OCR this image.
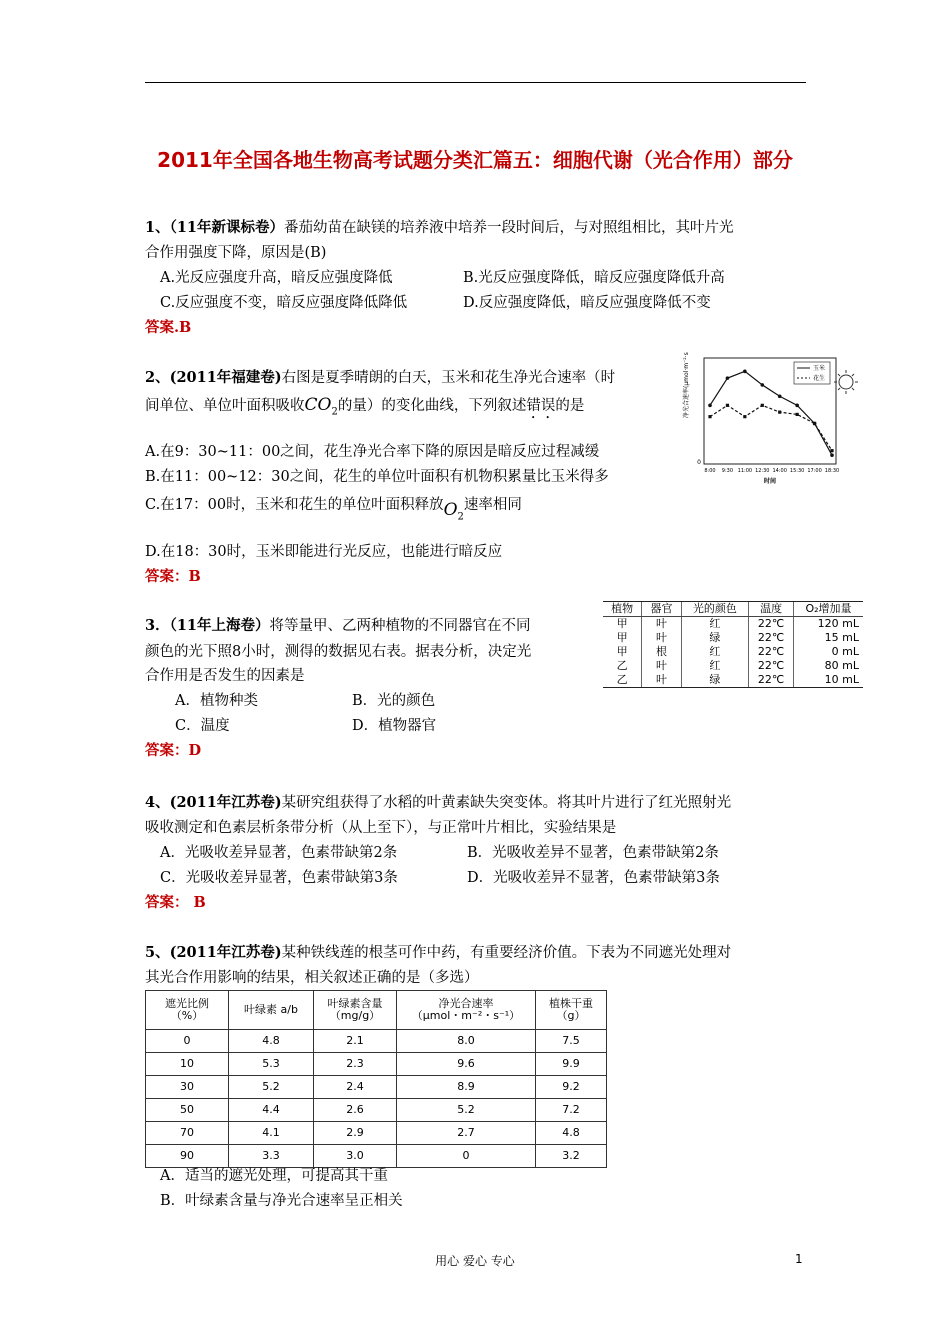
2011年全国各地生物高考试题分类汇篇五：细胞代谢（光合作用）部分
1、（11年新课标卷）番茄幼苗在缺镁的培养液中培养一段时间后，与对照组相比，其叶片光
合作用强度下降，原因是(B)
A.光反应强度升高，暗反应强度降低	B.光反应强度降低，暗反应强度降低升高
C.反应强度不变，暗反应强度降低降低	D.反应强度降低，暗反应强度降低不变
答案.B
2、(2011年福建卷)右图是夏季晴朗的白天，玉米和花生净光合速率（时
间单位、单位叶面积吸收$CO_2$的量）的变化曲线，下列叙述错误的是
A.在9：30~11：00之间，花生净光合率下降的原因是暗反应过程减缓
B.在11：00~12：30之间，花生的单位叶面积有机物积累量比玉米得多
C.在17：00时，玉米和花生的单位叶面积释放$O_2$速率相同
D.在18：30时，玉米即能进行光反应，也能进行暗反应
答案：B
净光合速率(μmol·m⁻²·s⁻¹)
0
时间
8:00 9:30 11:00 12:30 14:00 15:30 17:00 18:30
玉米
花生
3．（11年上海卷）将等量甲、乙两种植物的不同器官在不同
颜色的光下照8小时，测得的数据见右表。据表分析，决定光
合作用是否发生的因素是
A．植物种类	B．光的颜色
C．温度	D．植物器官
答案：D
植物	器官	光的颜色	温度	O₂增加量
甲	叶	红	22℃	120 mL
甲	叶	绿	22℃	15 mL
甲	根	红	22℃	0 mL
乙	叶	红	22℃	80 mL
乙	叶	绿	22℃	10 mL
4、(2011年江苏卷)某研究组获得了水稻的叶黄素缺失突变体。将其叶片进行了红光照射光
吸收测定和色素层析条带分析（从上至下），与正常叶片相比，实验结果是
A．光吸收差异显著，色素带缺第2条	B．光吸收差异不显著，色素带缺第2条
C．光吸收差异显著，色素带缺第3条	D．光吸收差异不显著，色素带缺第3条
答案： B
5、(2011年江苏卷)某种铁线莲的根茎可作中药，有重要经济价值。下表为不同遮光处理对
其光合作用影响的结果，相关叙述正确的是（多选）
遮光比例
（%）	叶绿素 a/b	叶绿素含量
（mg/g）	净光合速率
（μmol・m⁻²・s⁻¹）	植株干重
（g）
0	4.8	2.1	8.0	7.5
10	5.3	2.3	9.6	9.9
30	5.2	2.4	8.9	9.2
50	4.4	2.6	5.2	7.2
70	4.1	2.9	2.7	4.8
90	3.3	3.0	0	3.2
A．适当的遮光处理，可提高其干重
B．叶绿素含量与净光合速率呈正相关
用心 爱心 专心	1
